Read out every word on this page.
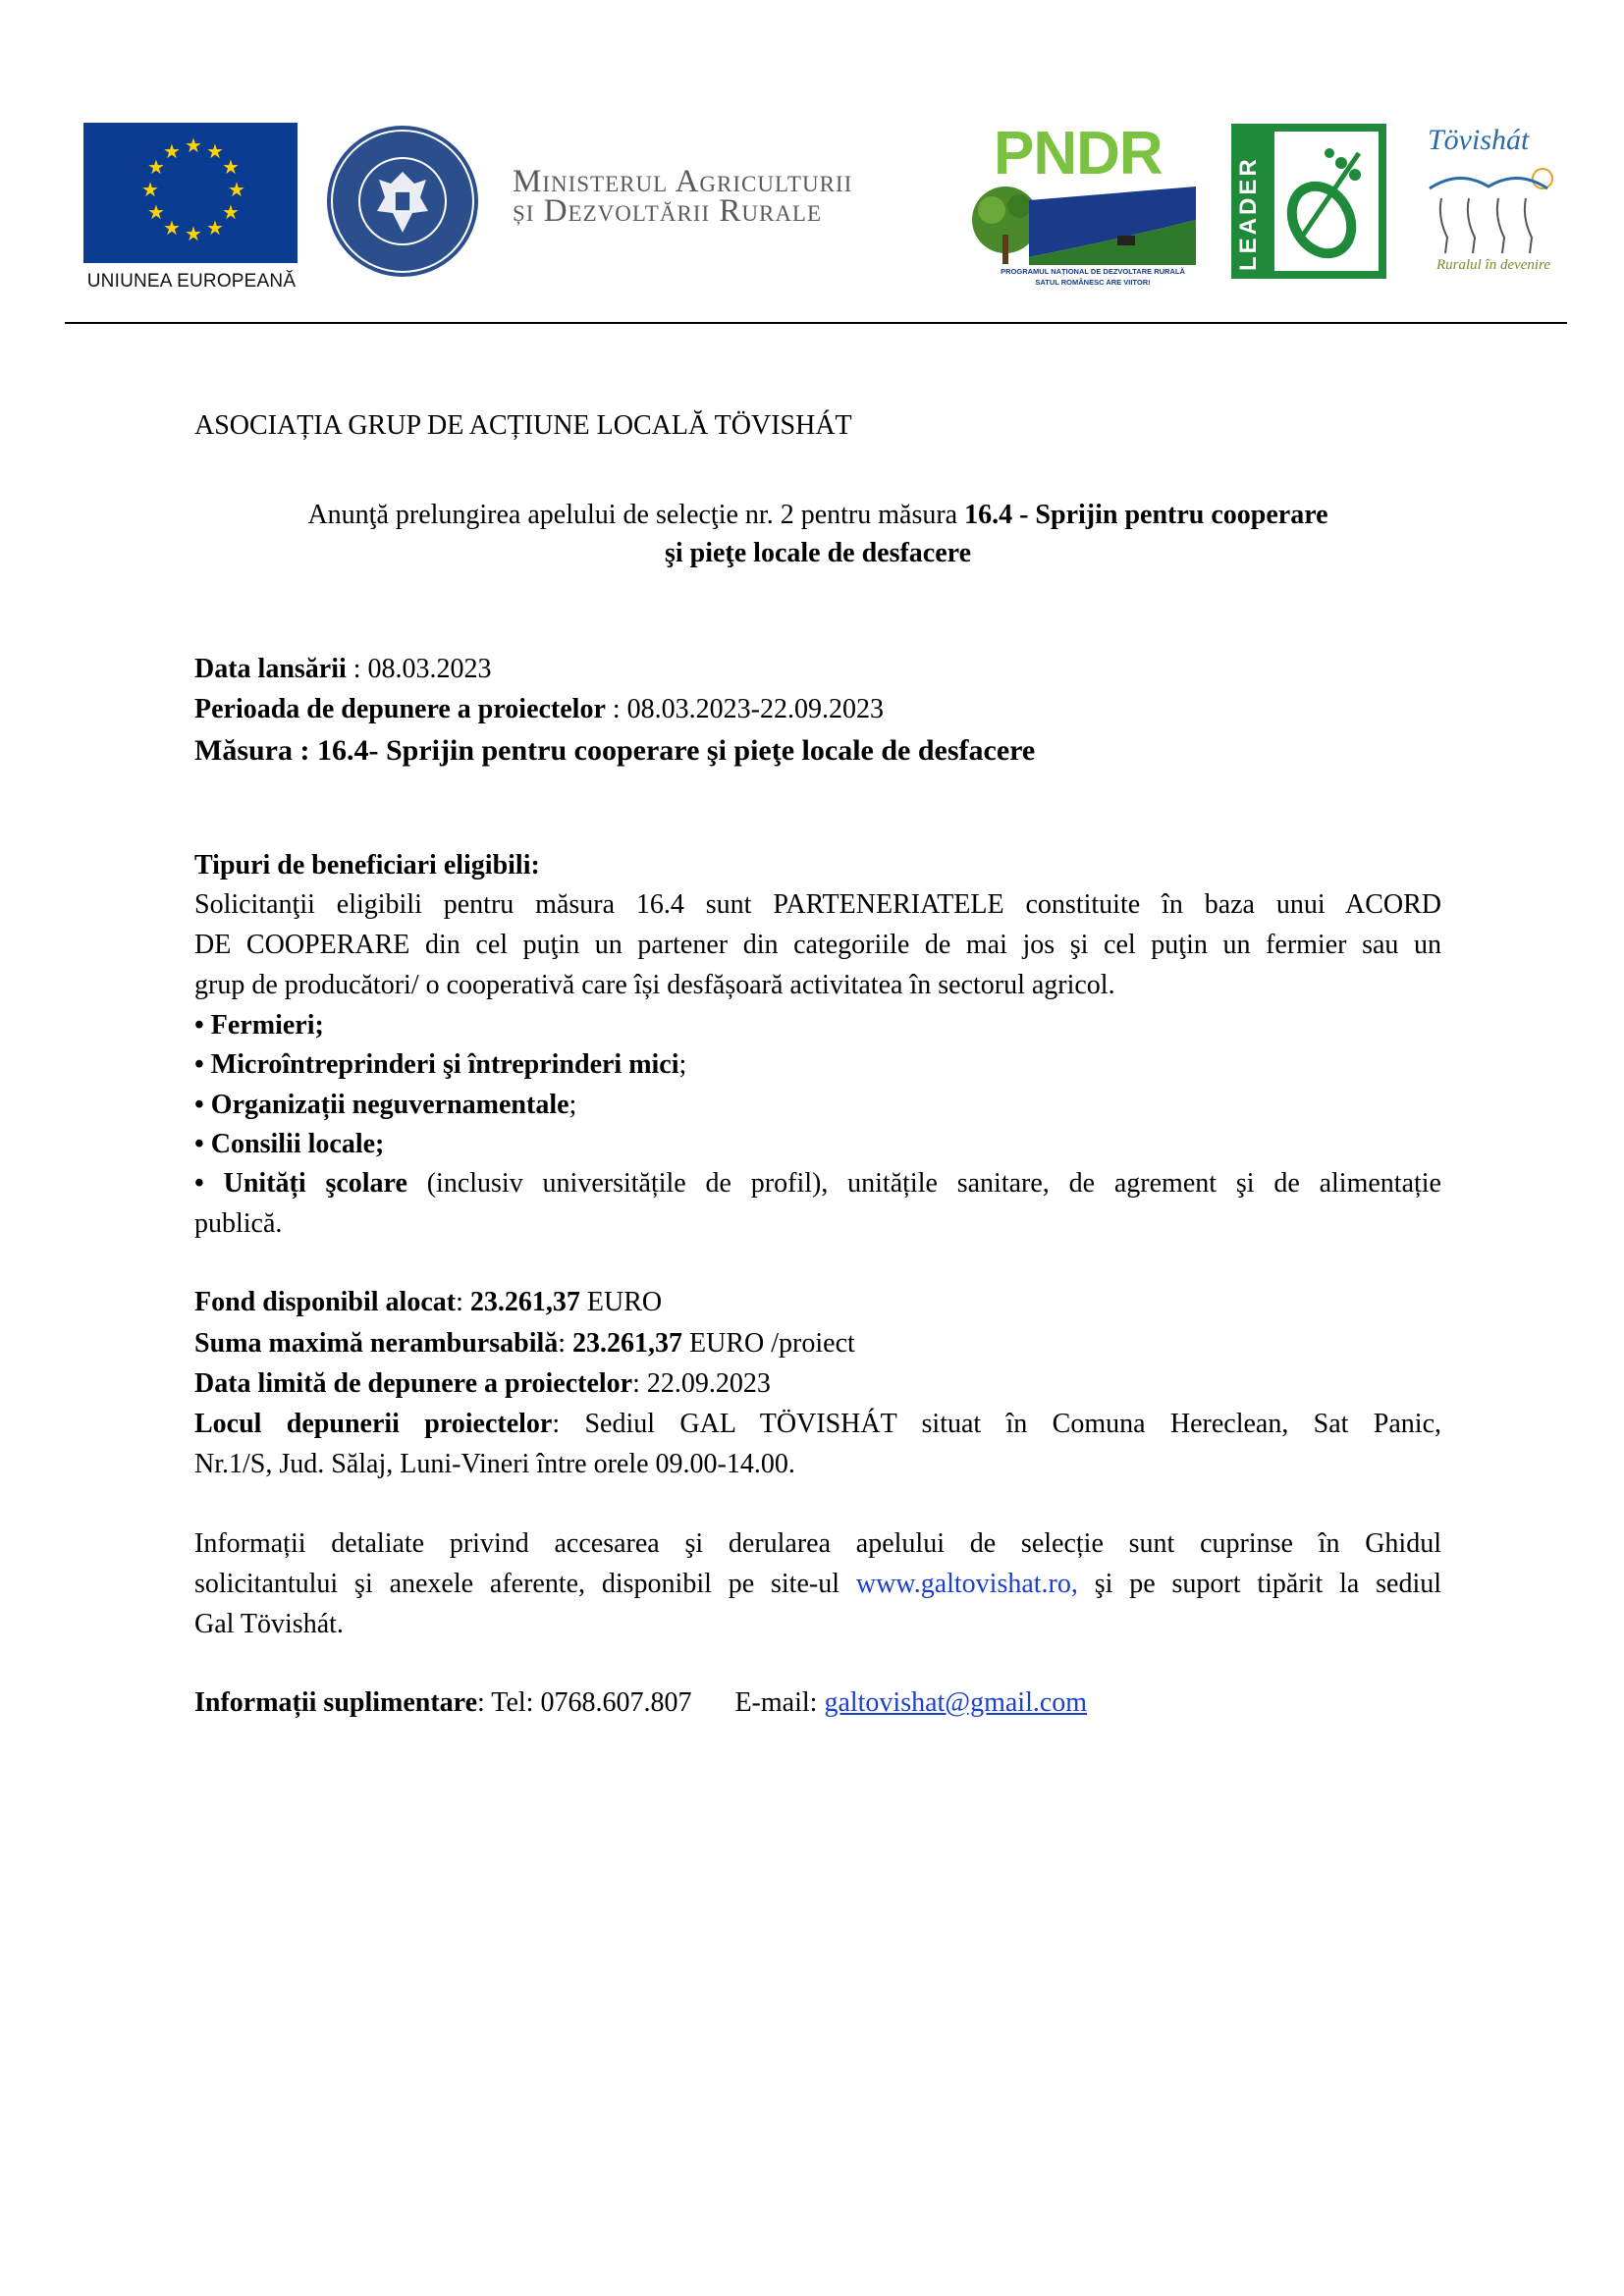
★ ★
★
★
★
★
★
★
★
★
★
★
UNIUNEA EUROPEANĂ
Ministerul Agriculturii
și Dezvoltării Rurale
PNDR
PROGRAMUL NAȚIONAL DE DEZVOLTARE RURALĂ
SATUL ROMÂNESC ARE VIITOR!
LEADER
Tövishát
Ruralul în devenire
ASOCIAȚIA GRUP DE ACȚIUNE LOCALĂ TÖVISHÁT
Anunţă prelungirea apelului de selecţie nr. 2 pentru măsura 16.4 - Sprijin pentru cooperare
şi pieţe locale de desfacere
Data lansării : 08.03.2023
Perioada de depunere a proiectelor : 08.03.2023-22.09.2023
Măsura : 16.4- Sprijin pentru cooperare şi pieţe locale de desfacere
Tipuri de beneficiari eligibili:
Solicitanţii eligibili pentru măsura 16.4 sunt PARTENERIATELE constituite în baza unui ACORD
DE COOPERARE din cel puţin un partener din categoriile de mai jos şi cel puţin un fermier sau un
grup de producători/ o cooperativă care își desfășoară activitatea în sectorul agricol.
• Fermieri;
• Microîntreprinderi şi întreprinderi mici;
• Organizații neguvernamentale;
• Consilii locale;
• Unități şcolare (inclusiv universitățile de profil), unitățile sanitare, de agrement şi de alimentație
publică.
Fond disponibil alocat: 23.261,37 EURO
Suma maximă nerambursabilă: 23.261,37 EURO /proiect
Data limită de depunere a proiectelor: 22.09.2023
Locul depunerii proiectelor: Sediul GAL TÖVISHÁT situat în Comuna Hereclean, Sat Panic,
Nr.1/S, Jud. Sălaj, Luni-Vineri între orele 09.00-14.00.
Informații detaliate privind accesarea şi derularea apelului de selecție sunt cuprinse în Ghidul
solicitantului şi anexele aferente, disponibil pe site-ul www.galtovishat.ro, şi pe suport tipărit la sediul
Gal Tövishát.
Informații suplimentare: Tel: 0768.607.807 E-mail: galtovishat@gmail.com
